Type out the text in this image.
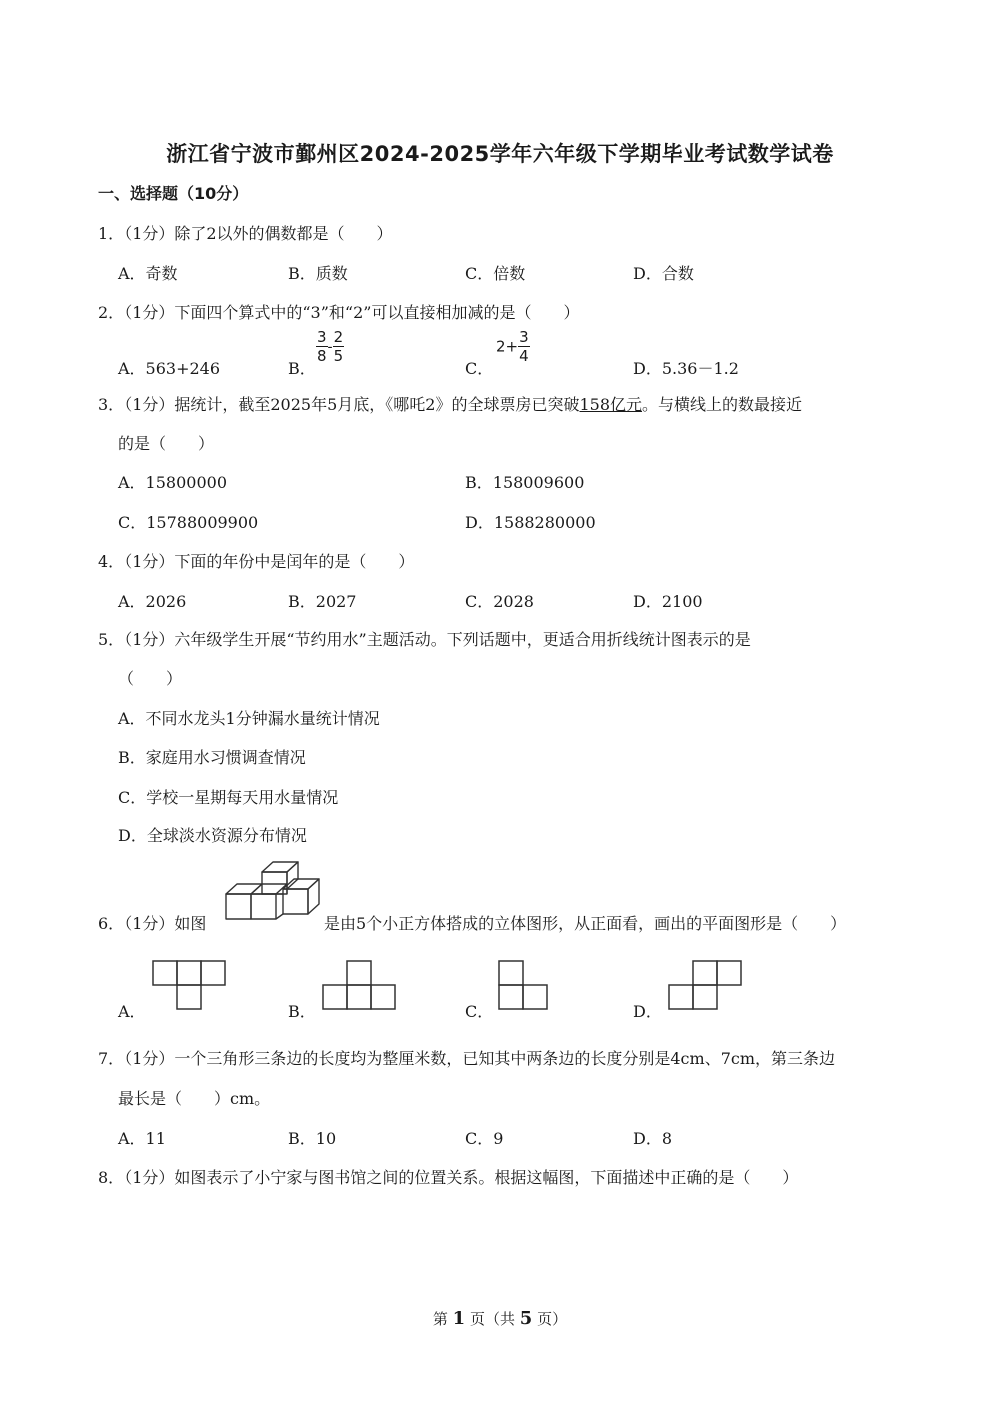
浙江省宁波市鄞州区2024-2025学年六年级下学期毕业考试数学试卷
一、选择题（10分）
1．（1分）除了2以外的偶数都是（　　）
A．奇数	B．质数	C．倍数	D．合数
2．（1分）下面四个算式中的“3”和“2”可以直接相加减的是（　　）
A．563+246	B．
$\frac{3}{8} - \frac{2}{5}$
C．
$2+ \frac{3}{4}$
D．5.36－1.2
3．（1分）据统计，截至2025年5月底，《哪吒2》的全球票房已突破158亿元。与横线上的数最接近
的是（　　）
A．15800000	B．158009600
C．15788009900	D．1588280000
4．（1分）下面的年份中是闰年的是（　　）
A．2026	B．2027	C．2028	D．2100
5．（1分）六年级学生开展“节约用水”主题活动。下列话题中，更适合用折线统计图表示的是
（　　）
A．不同水龙头1分钟漏水量统计情况
B．家庭用水习惯调查情况
C．学校一星期每天用水量情况
D．全球淡水资源分布情况
6．（1分）如图	是由5个小正方体搭成的立体图形，从正面看，画出的平面图形是（　　）
A．	B．	C．	D．
7．（1分）一个三角形三条边的长度均为整厘米数，已知其中两条边的长度分别是4cm、7cm，第三条边
最长是（　　）cm。
A．11	B．10	C．9	D．8
8．（1分）如图表示了小宁家与图书馆之间的位置关系。根据这幅图，下面描述中正确的是（　　）
第 1 页（共 5 页）
